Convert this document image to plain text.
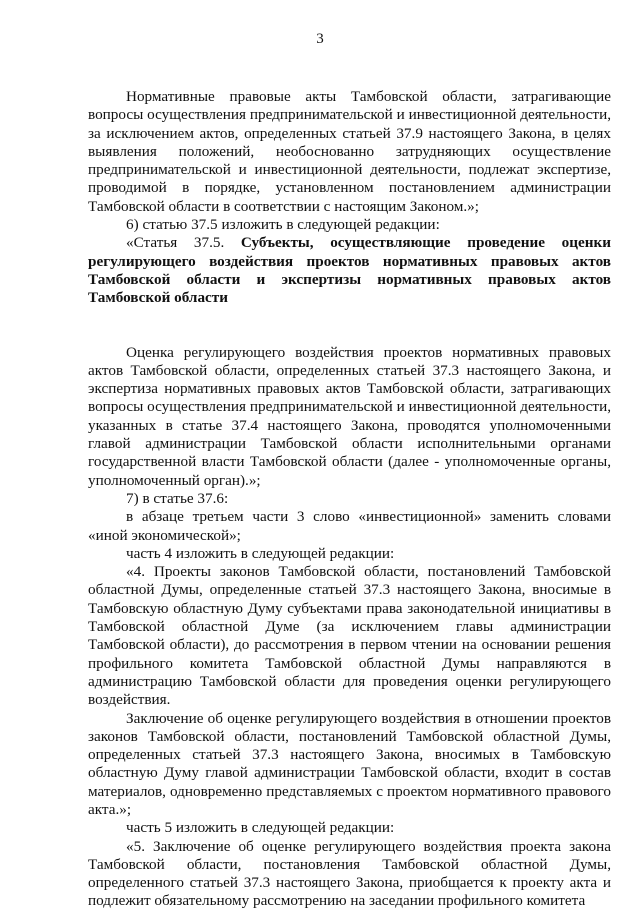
3

Нормативные правовые акты Тамбовской области, затрагивающие вопросы осуществления предпринимательской и инвестиционной деятельности, за исключением актов, определенных статьей 37.9 настоящего Закона, в целях выявления положений, необоснованно затрудняющих осуществление предпринимательской и инвестиционной деятельности, подлежат экспертизе, проводимой в порядке, установленном постановлением администрации Тамбовской области в соответствии с настоящим Законом.»;

6) статью 37.5 изложить в следующей редакции:

«Статья 37.5. Субъекты, осуществляющие проведение оценки регулирующего воздействия проектов нормативных правовых актов Тамбовской области и экспертизы нормативных правовых актов Тамбовской области

Оценка регулирующего воздействия проектов нормативных правовых актов Тамбовской области, определенных статьей 37.3 настоящего Закона, и экспертиза нормативных правовых актов Тамбовской области, затрагивающих вопросы осуществления предпринимательской и инвестиционной деятельности, указанных в статье 37.4 настоящего Закона, проводятся уполномоченными главой администрации Тамбовской области исполнительными органами государственной власти Тамбовской области (далее - уполномоченные органы, уполномоченный орган).»;

7) в статье 37.6:

в абзаце третьем части 3 слово «инвестиционной» заменить словами «иной экономической»;

часть 4 изложить в следующей редакции:

«4. Проекты законов Тамбовской области, постановлений Тамбовской областной Думы, определенные статьей 37.3 настоящего Закона, вносимые в Тамбовскую областную Думу субъектами права законодательной инициативы в Тамбовской областной Думе (за исключением главы администрации Тамбовской области), до рассмотрения в первом чтении на основании решения профильного комитета Тамбовской областной Думы направляются в администрацию Тамбовской области для проведения оценки регулирующего воздействия.

Заключение об оценке регулирующего воздействия в отношении проектов законов Тамбовской области, постановлений Тамбовской областной Думы, определенных статьей 37.3 настоящего Закона, вносимых в Тамбовскую областную Думу главой администрации Тамбовской области, входит в состав материалов, одновременно представляемых с проектом нормативного правового акта.»;

часть 5 изложить в следующей редакции:

«5. Заключение об оценке регулирующего воздействия проекта закона Тамбовской области, постановления Тамбовской областной Думы, определенного статьей 37.3 настоящего Закона, приобщается к проекту акта и подлежит обязательному рассмотрению на заседании профильного комитета
